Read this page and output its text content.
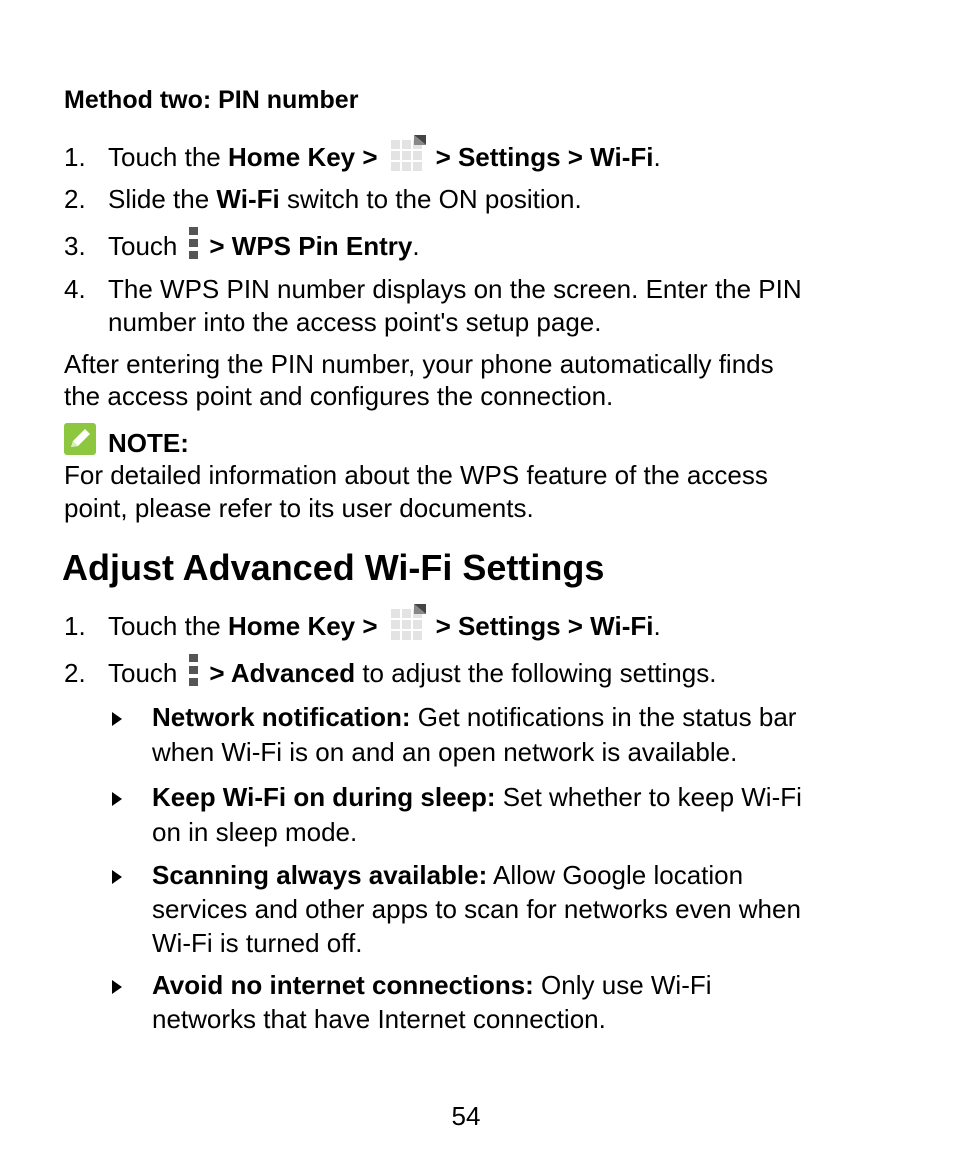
Method two: PIN number
1. Touch the Home Key > > Settings > Wi-Fi.
2. Slide the Wi-Fi switch to the ON position.
3. Touch > WPS Pin Entry.
4. The WPS PIN number displays on the screen. Enter the PIN
number into the access point's setup page.
After entering the PIN number, your phone automatically finds
the access point and configures the connection.
NOTE:
For detailed information about the WPS feature of the access
point, please refer to its user documents.
Adjust Advanced Wi-Fi Settings
1. Touch the Home Key > > Settings > Wi-Fi.
2. Touch > Advanced to adjust the following settings.
Network notification: Get notifications in the status bar
when Wi-Fi is on and an open network is available.
Keep Wi-Fi on during sleep: Set whether to keep Wi-Fi
on in sleep mode.
Scanning always available: Allow Google location
services and other apps to scan for networks even when
Wi-Fi is turned off.
Avoid no internet connections: Only use Wi-Fi
networks that have Internet connection.
54
